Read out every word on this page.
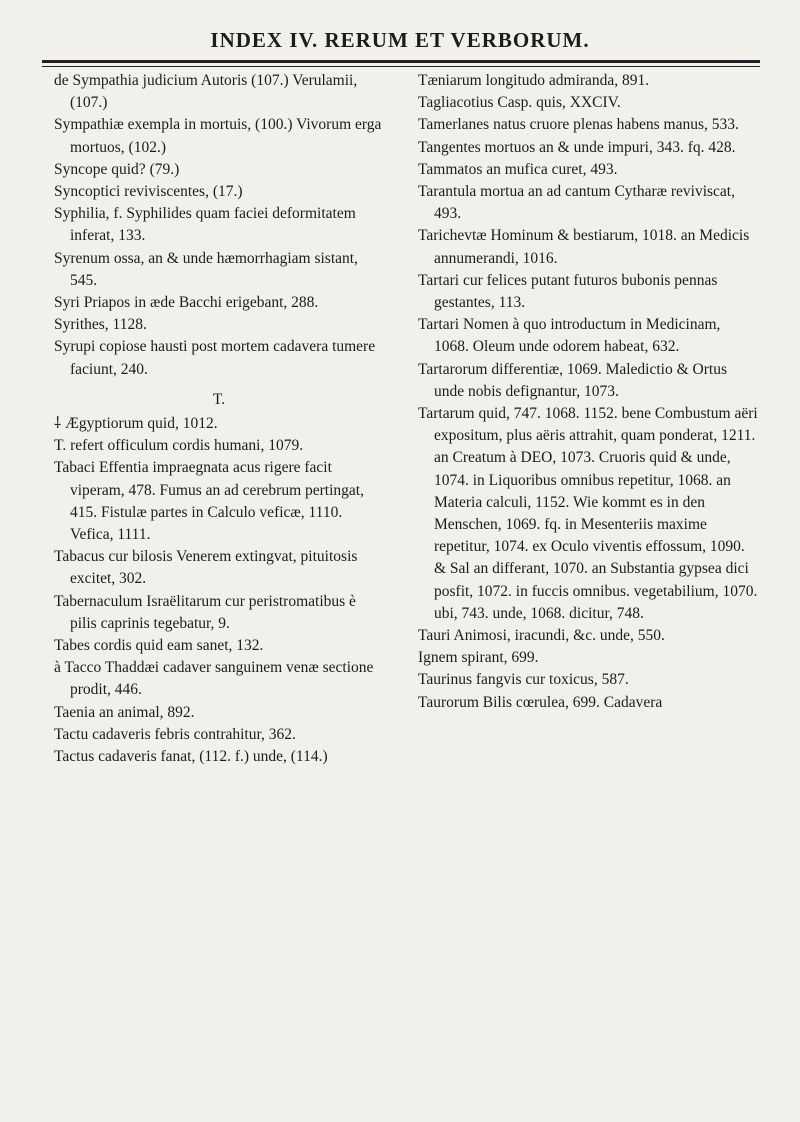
INDEX IV. RERUM ET VERBORUM.

de Sympathia judicium Autoris (107.) Verulamii, (107.)

Sympathiæ exempla in mortuis, (100.) Vivorum erga mortuos, (102.)

Syncope quid? (79.)

Syncoptici reviviscentes, (17.)

Syphilia, f. Syphilides quam faciei deformitatem inferat, 133.

Syrenum ossa, an & unde hæmorrhagiam sistant, 545.

Syri Priapos in æde Bacchi erigebant, 288.

Syrithes, 1128.

Syrupi copiose hausti post mortem cadavera tumere faciunt, 240.

T.

⸸ Ægyptiorum quid, 1012.

T. refert officulum cordis humani, 1079.

Tabaci Effentia impraegnata acus rigere facit viperam, 478. Fumus an ad cerebrum pertingat, 415. Fistulæ partes in Calculo veficæ, 1110. Vefica, 1111.

Tabacus cur bilosis Venerem extingvat, pituitosis excitet, 302.

Tabernaculum Israëlitarum cur peristromatibus è pilis caprinis tegebatur, 9.

Tabes cordis quid eam sanet, 132.

à Tacco Thaddæi cadaver sanguinem venæ sectione prodit, 446.

Taenia an animal, 892.

Tactu cadaveris febris contrahitur, 362.

Tactus cadaveris fanat, (112. f.) unde, (114.)

Tæniarum longitudo admiranda, 891.

Tagliacotius Casp. quis, XXCIV.

Tamerlanes natus cruore plenas habens manus, 533.

Tangentes mortuos an & unde impuri, 343. fq. 428.

Tammatos an mufica curet, 493.

Tarantula mortua an ad cantum Cytharæ reviviscat, 493.

Tarichevtæ Hominum & bestiarum, 1018. an Medicis annumerandi, 1016.

Tartari cur felices putant futuros bubonis pennas gestantes, 113.

Tartari Nomen à quo introductum in Medicinam, 1068. Oleum unde odorem habeat, 632.

Tartarorum differentiæ, 1069. Maledictio & Ortus unde nobis defignantur, 1073.

Tartarum quid, 747. 1068. 1152. bene Combustum aëri expositum, plus aëris attrahit, quam ponderat, 1211. an Creatum à DEO, 1073. Cruoris quid & unde, 1074. in Liquoribus omnibus repetitur, 1068. an Materia calculi, 1152. Wie kommt es in den Menschen, 1069. fq. in Mesenteriis maxime repetitur, 1074. ex Oculo viventis effossum, 1090. & Sal an differant, 1070. an Substantia gypsea dici posfit, 1072. in fuccis omnibus. vegetabilium, 1070. ubi, 743. unde, 1068. dicitur, 748.

Tauri Animosi, iracundi, &c. unde, 550.

Ignem spirant, 699.

Taurinus fangvis cur toxicus, 587.

Taurorum Bilis cœrulea, 699. Cadavera
